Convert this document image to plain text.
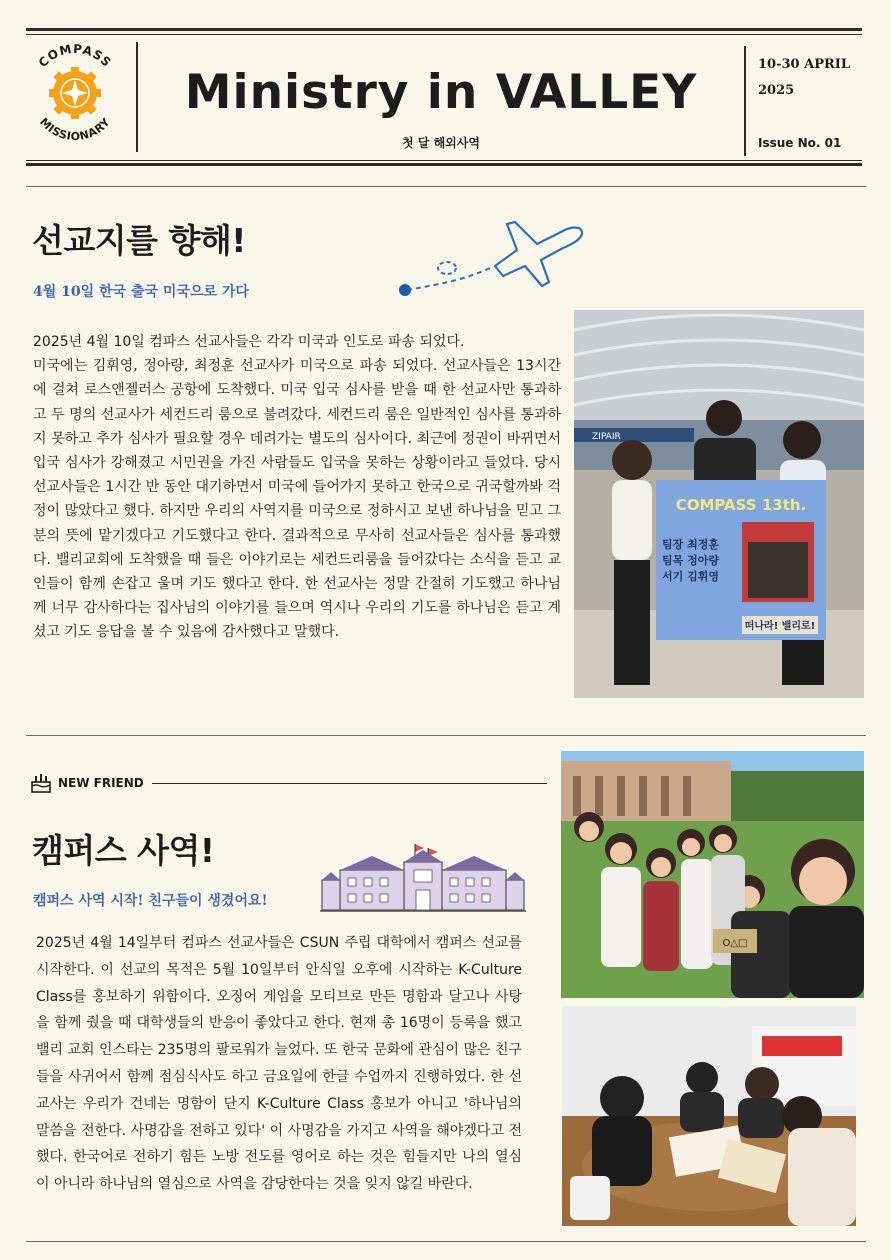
COMPASS
MISSIONARY
Ministry in VALLEY
첫 달 해외사역
10-30 APRIL
2025
Issue No. 01
선교지를 향해!
4월 10일 한국 출국 미국으로 가다

2025년 4월 10일 컴파스 선교사들은 각각 미국과 인도로 파송 되었다.

미국에는 김휘영, 정아량, 최정훈 선교사가 미국으로 파송 되었다. 선교사들은 13시간에 걸쳐 로스앤젤러스 공항에 도착했다. 미국 입국 심사를 받을 때 한 선교사만 통과하고 두 명의 선교사가 세컨드리 룸으로 불려갔다. 세컨드리 룸은 일반적인 심사를 통과하지 못하고 추가 심사가 필요할 경우 데려가는 별도의 심사이다. 최근에 정권이 바뀌면서 입국 심사가 강해졌고 시민권을 가진 사람들도 입국을 못하는 상황이라고 들었다. 당시 선교사들은 1시간 반 동안 대기하면서 미국에 들어가지 못하고 한국으로 귀국할까봐 걱정이 많았다고 했다. 하지만 우리의 사역지를 미국으로 정하시고 보낸 하나님을 믿고 그분의 뜻에 맡기겠다고 기도했다고 한다. 결과적으로 무사히 선교사들은 심사를 통과했다. 밸리교회에 도착했을 때 들은 이야기로는 세컨드리룸을 들어갔다는 소식을 듣고 교인들이 함께 손잡고 울며 기도 했다고 한다. 한 선교사는 정말 간절히 기도했고 하나님께 너무 감사하다는 집사님의 이야기를 들으며 역시나 우리의 기도를 하나님은 듣고 계셨고 기도 응답을 볼 수 있음에 감사했다고 말했다.

ZIPAIR
COMPASS 13th.
팀장 최정훈
팀목 정아량
서기 김휘영
떠나라! 밸리로!
NEW FRIEND
캠퍼스 사역!
캠퍼스 사역 시작! 친구들이 생겼어요!

2025년 4월 14일부터 컴파스 선교사들은 CSUN 주립 대학에서 캠퍼스 선교를 시작한다. 이 선교의 목적은 5월 10일부터 안식일 오후에 시작하는 K-Culture Class를 홍보하기 위함이다. 오징어 게임을 모티브로 만든 명함과 달고나 사탕을 함께 줬을 때 대학생들의 반응이 좋았다고 한다. 현재 총 16명이 등록을 했고 밸리 교회 인스타는 235명의 팔로워가 늘었다. 또 한국 문화에 관심이 많은 친구들을 사귀어서 함께 점심식사도 하고 금요일에 한글 수업까지 진행하였다. 한 선교사는 우리가 건네는 명함이 단지 K-Culture Class 홍보가 아니고 '하나님의 말씀을 전한다. 사명감을 전하고 있다' 이 사명감을 가지고 사역을 해야겠다고 전했다. 한국어로 전하기 힘든 노방 전도를 영어로 하는 것은 힘들지만 나의 열심이 아니라 하나님의 열심으로 사역을 감당한다는 것을 잊지 않길 바란다.

O△□
